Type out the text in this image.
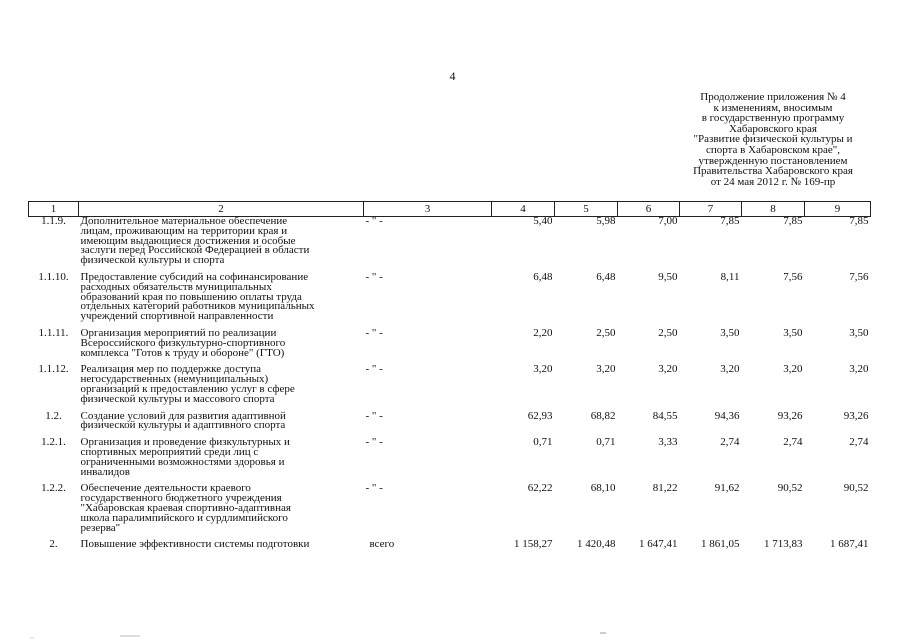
4
Продолжение приложения № 4
к изменениям, вносимым
в государственную программу
Хабаровского края
"Развитие физической культуры и
спорта в Хабаровском крае",
утвержденную постановлением
Правительства Хабаровского края
от 24 мая 2012 г. № 169-пр
1	2	3	4	5	6	7	8	9
1.1.9.	Дополнительное материальное обеспечение
лицам, проживающим на территории края и
имеющим выдающиеся достижения и особые
заслуги перед Российской Федерацией в области
физической культуры и спорта	- " -	5,40	5,98	7,00	7,85	7,85	7,85
1.1.10.	Предоставление субсидий на софинансирование
расходных обязательств муниципальных
образований края по повышению оплаты труда
отдельных категорий работников муниципальных
учреждений спортивной направленности	- " -	6,48	6,48	9,50	8,11	7,56	7,56
1.1.11.	Организация мероприятий по реализации
Всероссийского физкультурно-спортивного
комплекса "Готов к труду и обороне" (ГТО)	- " -	2,20	2,50	2,50	3,50	3,50	3,50
1.1.12.	Реализация мер по поддержке доступа
негосударственных (немуниципальных)
организаций к предоставлению услуг в сфере
физической культуры и массового спорта	- " -	3,20	3,20	3,20	3,20	3,20	3,20
1.2.	Создание условий для развития адаптивной
физической культуры и адаптивного спорта	- " -	62,93	68,82	84,55	94,36	93,26	93,26
1.2.1.	Организация и проведение физкультурных и
спортивных мероприятий среди лиц с
ограниченными возможностями здоровья и
инвалидов	- " -	0,71	0,71	3,33	2,74	2,74	2,74
1.2.2.	Обеспечение деятельности краевого
государственного бюджетного учреждения
"Хабаровская краевая спортивно-адаптивная
школа паралимпийского и сурдлимпийского
резерва"	- " -	62,22	68,10	81,22	91,62	90,52	90,52
2.	Повышение эффективности системы подготовки	всего	1 158,27	1 420,48	1 647,41	1 861,05	1 713,83	1 687,41
